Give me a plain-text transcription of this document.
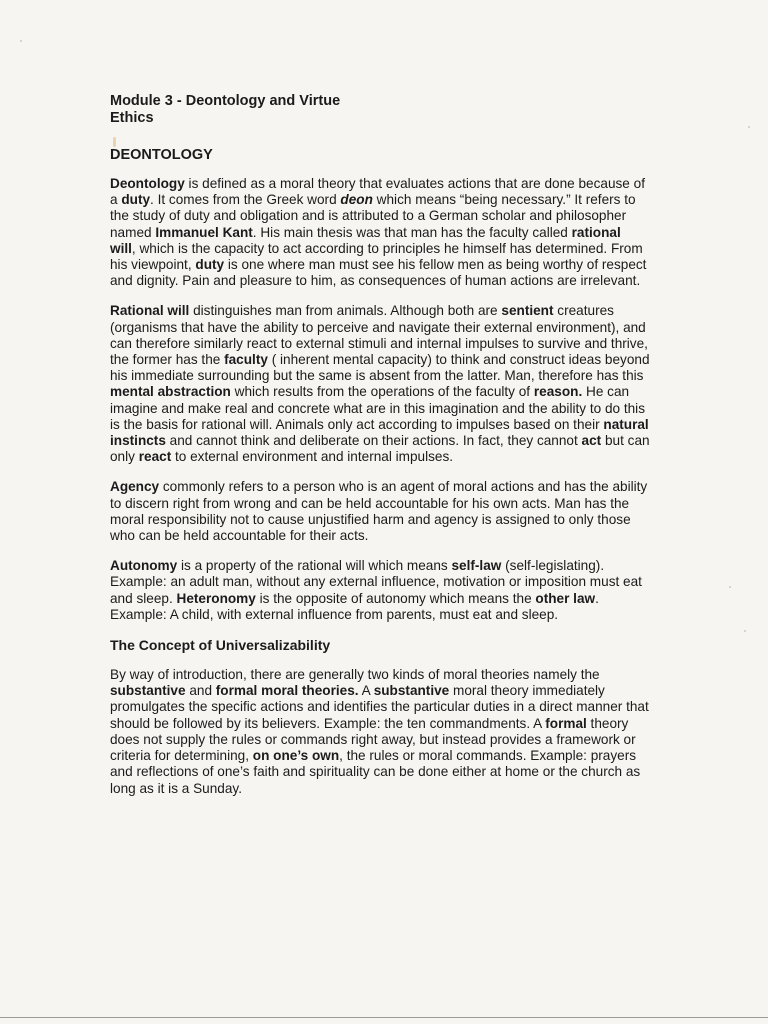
Module 3 - Deontology and Virtue Ethics
DEONTOLOGY

Deontology is defined as a moral theory that evaluates actions that are done because of a duty. It comes from the Greek word deon which means “being necessary.” It refers to the study of duty and obligation and is attributed to a German scholar and philosopher named Immanuel Kant. His main thesis was that man has the faculty called rational will, which is the capacity to act according to principles he himself has determined. From his viewpoint, duty is one where man must see his fellow men as being worthy of respect and dignity. Pain and pleasure to him, as consequences of human actions are irrelevant.

Rational will distinguishes man from animals. Although both are sentient creatures (organisms that have the ability to perceive and navigate their external environment), and can therefore similarly react to external stimuli and internal impulses to survive and thrive, the former has the faculty ( inherent mental capacity) to think and construct ideas beyond his immediate surrounding but the same is absent from the latter. Man, therefore has this mental abstraction which results from the operations of the faculty of reason. He can imagine and make real and concrete what are in this imagination and the ability to do this is the basis for rational will. Animals only act according to impulses based on their natural instincts and cannot think and deliberate on their actions. In fact, they cannot act but can only react to external environment and internal impulses.

Agency commonly refers to a person who is an agent of moral actions and has the ability to discern right from wrong and can be held accountable for his own acts. Man has the moral responsibility not to cause unjustified harm and agency is assigned to only those who can be held accountable for their acts.

Autonomy is a property of the rational will which means self-law (self-legislating). Example: an adult man, without any external influence, motivation or imposition must eat and sleep. Heteronomy is the opposite of autonomy which means the other law. Example: A child, with external influence from parents, must eat and sleep.

The Concept of Universalizability

By way of introduction, there are generally two kinds of moral theories namely the substantive and formal moral theories. A substantive moral theory immediately promulgates the specific actions and identifies the particular duties in a direct manner that should be followed by its believers. Example: the ten commandments. A formal theory does not supply the rules or commands right away, but instead provides a framework or criteria for determining, on one’s own, the rules or moral commands. Example: prayers and reflections of one’s faith and spirituality can be done either at home or the church as long as it is a Sunday.
